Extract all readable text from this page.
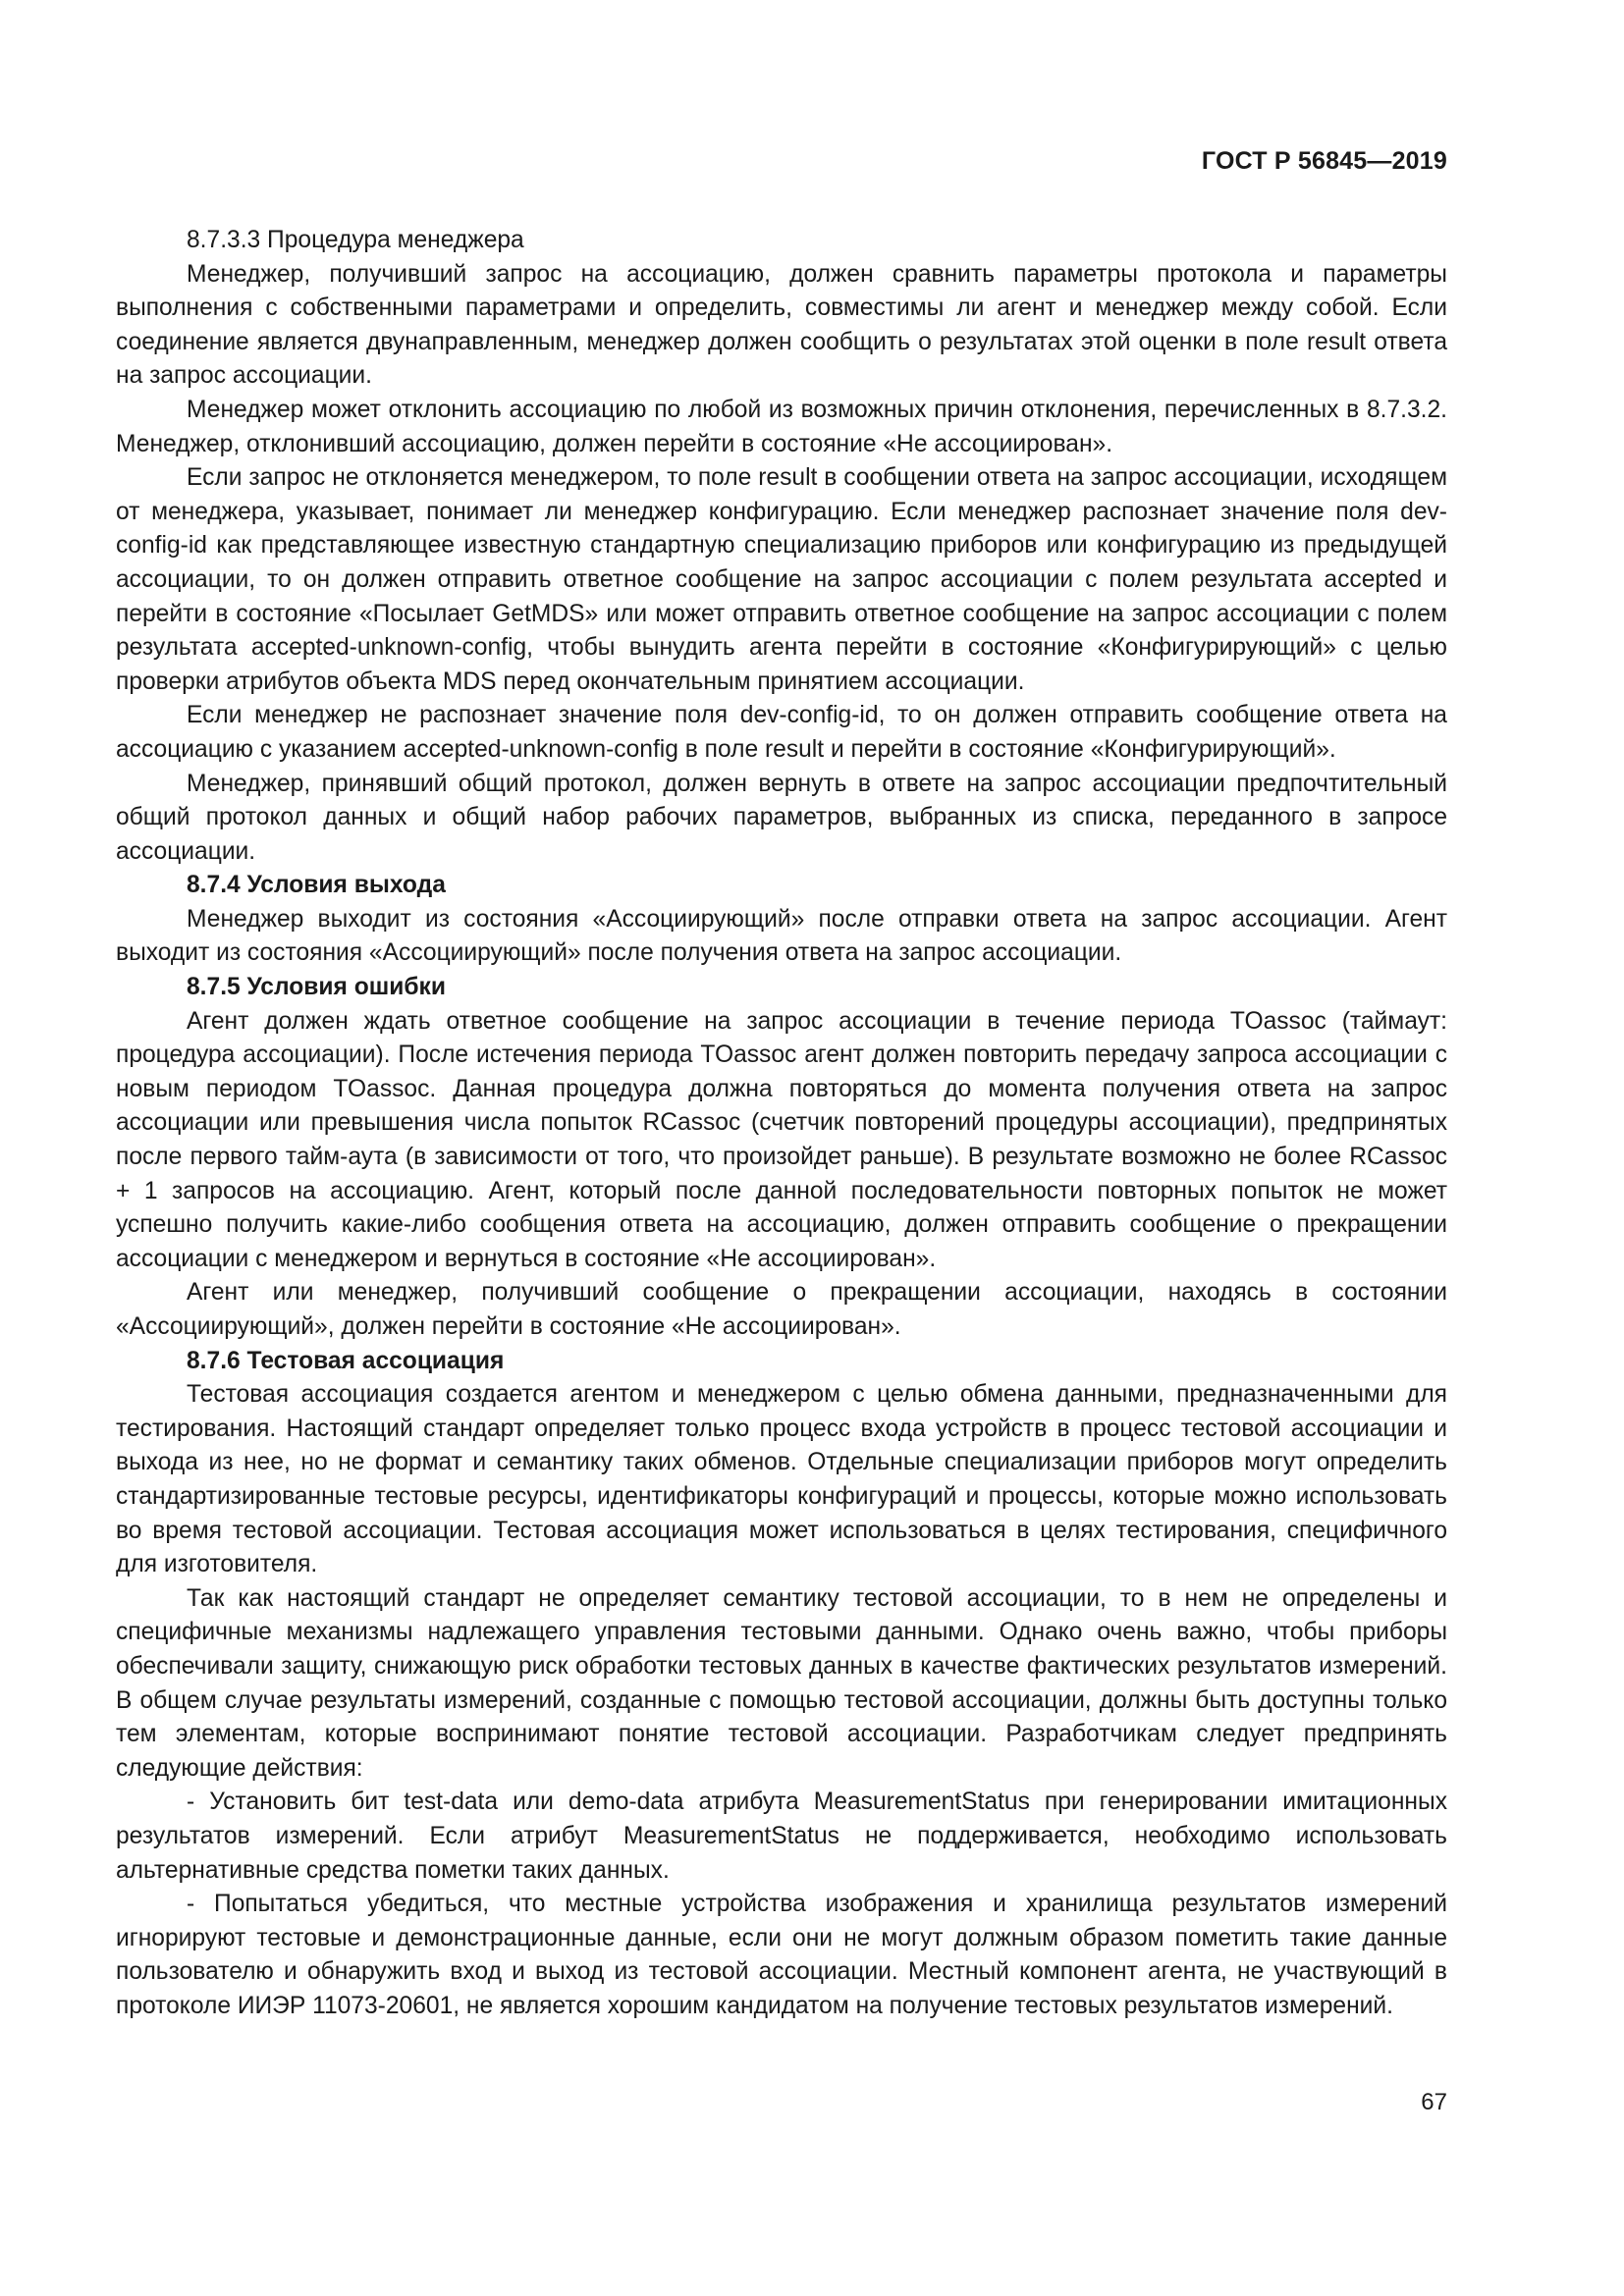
ГОСТ Р 56845—2019

8.7.3.3 Процедура менеджера

Менеджер, получивший запрос на ассоциацию, должен сравнить параметры протокола и параметры выполнения с собственными параметрами и определить, совместимы ли агент и менеджер между собой. Если соединение является двунаправленным, менеджер должен сообщить о результатах этой оценки в поле result ответа на запрос ассоциации.

Менеджер может отклонить ассоциацию по любой из возможных причин отклонения, перечисленных в 8.7.3.2. Менеджер, отклонивший ассоциацию, должен перейти в состояние «Не ассоциирован».

Если запрос не отклоняется менеджером, то поле result в сообщении ответа на запрос ассоциации, исходящем от менеджера, указывает, понимает ли менеджер конфигурацию. Если менеджер распознает значение поля dev-config-id как представляющее известную стандартную специализацию приборов или конфигурацию из предыдущей ассоциации, то он должен отправить ответное сообщение на запрос ассоциации с полем результата accepted и перейти в состояние «Посылает GetMDS» или может отправить ответное сообщение на запрос ассоциации с полем результата accepted-unknown-config, чтобы вынудить агента перейти в состояние «Конфигурирующий» с целью проверки атрибутов объекта MDS перед окончательным принятием ассоциации.

Если менеджер не распознает значение поля dev-config-id, то он должен отправить сообщение ответа на ассоциацию с указанием accepted-unknown-config в поле result и перейти в состояние «Конфигурирующий».

Менеджер, принявший общий протокол, должен вернуть в ответе на запрос ассоциации предпочтительный общий протокол данных и общий набор рабочих параметров, выбранных из списка, переданного в запросе ассоциации.

8.7.4 Условия выхода

Менеджер выходит из состояния «Ассоциирующий» после отправки ответа на запрос ассоциации. Агент выходит из состояния «Ассоциирующий» после получения ответа на запрос ассоциации.

8.7.5 Условия ошибки

Агент должен ждать ответное сообщение на запрос ассоциации в течение периода TOassoc (таймаут: процедура ассоциации). После истечения периода TOassoc агент должен повторить передачу запроса ассоциации с новым периодом TOassoc. Данная процедура должна повторяться до момента получения ответа на запрос ассоциации или превышения числа попыток RCassoc (счетчик повторений процедуры ассоциации), предпринятых после первого тайм-аута (в зависимости от того, что произойдет раньше). В результате возможно не более RCassoc + 1 запросов на ассоциацию. Агент, который после данной последовательности повторных попыток не может успешно получить какие-либо сообщения ответа на ассоциацию, должен отправить сообщение о прекращении ассоциации с менеджером и вернуться в состояние «Не ассоциирован».

Агент или менеджер, получивший сообщение о прекращении ассоциации, находясь в состоянии «Ассоциирующий», должен перейти в состояние «Не ассоциирован».

8.7.6 Тестовая ассоциация

Тестовая ассоциация создается агентом и менеджером с целью обмена данными, предназначенными для тестирования. Настоящий стандарт определяет только процесс входа устройств в процесс тестовой ассоциации и выхода из нее, но не формат и семантику таких обменов. Отдельные специализации приборов могут определить стандартизированные тестовые ресурсы, идентификаторы конфигураций и процессы, которые можно использовать во время тестовой ассоциации. Тестовая ассоциация может использоваться в целях тестирования, специфичного для изготовителя.

Так как настоящий стандарт не определяет семантику тестовой ассоциации, то в нем не определены и специфичные механизмы надлежащего управления тестовыми данными. Однако очень важно, чтобы приборы обеспечивали защиту, снижающую риск обработки тестовых данных в качестве фактических результатов измерений. В общем случае результаты измерений, созданные с помощью тестовой ассоциации, должны быть доступны только тем элементам, которые воспринимают понятие тестовой ассоциации. Разработчикам следует предпринять следующие действия:

- Установить бит test-data или demo-data атрибута MeasurementStatus при генерировании имитационных результатов измерений. Если атрибут MeasurementStatus не поддерживается, необходимо использовать альтернативные средства пометки таких данных.

- Попытаться убедиться, что местные устройства изображения и хранилища результатов измерений игнорируют тестовые и демонстрационные данные, если они не могут должным образом пометить такие данные пользователю и обнаружить вход и выход из тестовой ассоциации. Местный компонент агента, не участвующий в протоколе ИИЭР 11073-20601, не является хорошим кандидатом на получение тестовых результатов измерений.

67
